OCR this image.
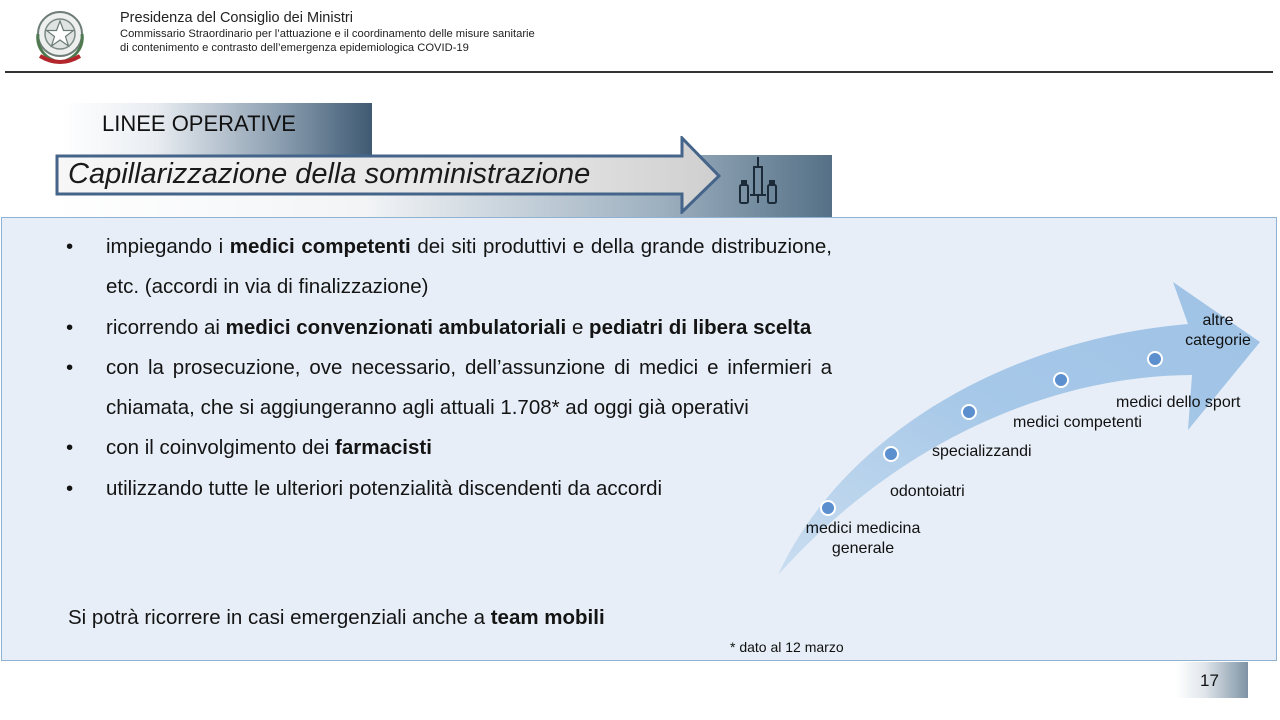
Presidenza del Consiglio dei Ministri
Commissario Straordinario per l’attuazione e il coordinamento delle misure sanitarie
di contenimento e contrasto dell’emergenza epidemiologica COVID-19
LINEE OPERATIVE
Capillarizzazione della somministrazione
• impiegando i medici competenti dei siti produttivi e della grande distribuzione, etc. (accordi in via di finalizzazione)
• ricorrendo ai medici convenzionati ambulatoriali e pediatri di libera scelta
• con la prosecuzione, ove necessario, dell’assunzione di medici e infermieri a chiamata, che si aggiungeranno agli attuali 1.708* ad oggi già operativi
• con il coinvolgimento dei farmacisti
• utilizzando tutte le ulteriori potenzialità discendenti da accordi
Si potrà ricorrere in casi emergenziali anche a team mobili
* dato al 12 marzo
medici medicina generale
odontoiatri
specializzandi
medici competenti
medici dello sport
altre categorie
17
